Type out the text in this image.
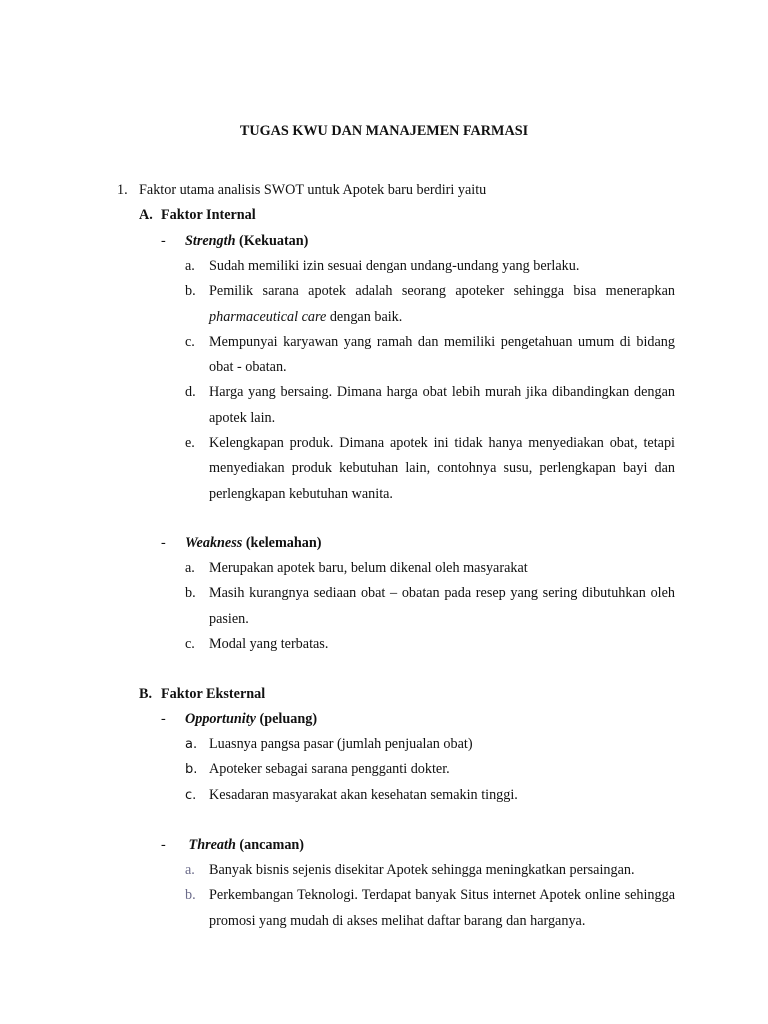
TUGAS KWU DAN MANAJEMEN FARMASI
1. Faktor utama analisis SWOT untuk Apotek baru berdiri yaitu
A. Faktor Internal
- Strength (Kekuatan)
a. Sudah memiliki izin sesuai dengan undang-undang yang berlaku.
b. Pemilik sarana apotek adalah seorang apoteker sehingga bisa menerapkan pharmaceutical care dengan baik.
c. Mempunyai karyawan yang ramah dan memiliki pengetahuan umum di bidang obat - obatan.
d. Harga yang bersaing. Dimana harga obat lebih murah jika dibandingkan dengan apotek lain.
e. Kelengkapan produk. Dimana apotek ini tidak hanya menyediakan obat, tetapi menyediakan produk kebutuhan lain, contohnya susu, perlengkapan bayi dan perlengkapan kebutuhan wanita.
- Weakness (kelemahan)
a. Merupakan apotek baru, belum dikenal oleh masyarakat
b. Masih kurangnya sediaan obat – obatan pada resep yang sering dibutuhkan oleh pasien.
c. Modal yang terbatas.
B. Faktor Eksternal
- Opportunity (peluang)
a. Luasnya pangsa pasar (jumlah penjualan obat)
b. Apoteker sebagai sarana pengganti dokter.
c. Kesadaran masyarakat akan kesehatan semakin tinggi.
- Threath (ancaman)
a. Banyak bisnis sejenis disekitar Apotek sehingga meningkatkan persaingan.
b. Perkembangan Teknologi. Terdapat banyak Situs internet Apotek online sehingga promosi yang mudah di akses melihat daftar barang dan harganya.
